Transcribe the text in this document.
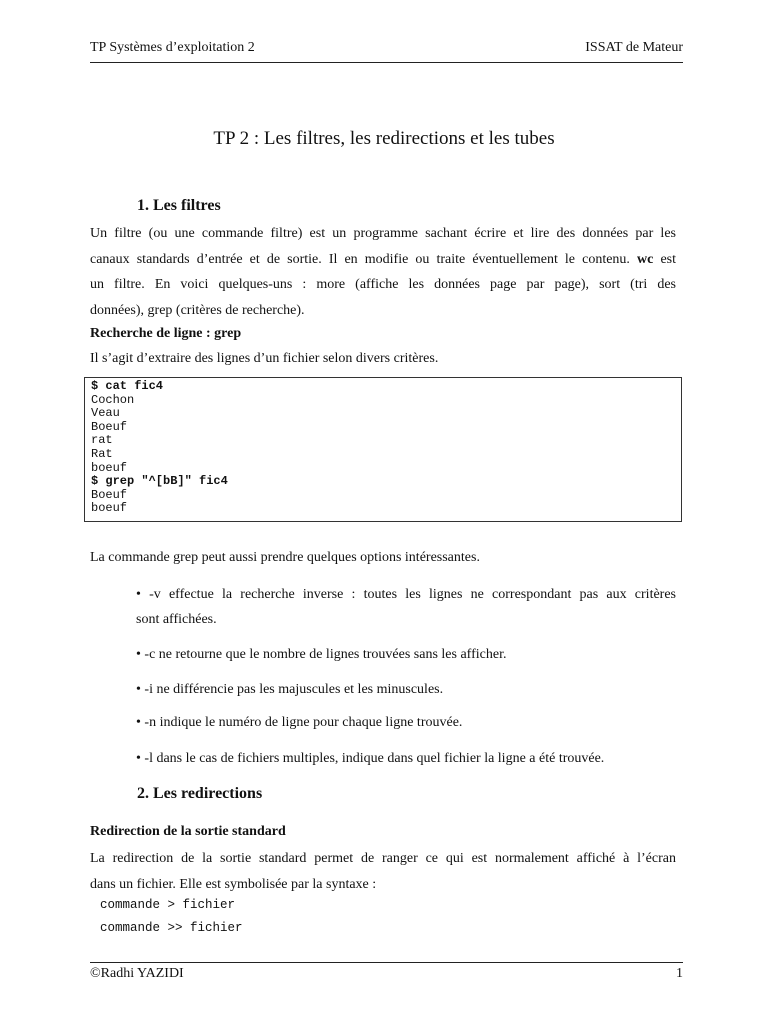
TP Systèmes d’exploitation 2	ISSAT de Mateur
TP 2 : Les filtres, les redirections et les tubes
1. Les filtres
Un filtre (ou une commande filtre) est un programme sachant écrire et lire des données par les
canaux standards d’entrée et de sortie. Il en modifie ou traite éventuellement le contenu. wc est
un filtre. En voici quelques-uns : more (affiche les données page par page), sort (tri des
données), grep (critères de recherche).
Recherche de ligne : grep
Il s’agit d’extraire des lignes d’un fichier selon divers critères.
$ cat fic4
Cochon
Veau
Boeuf
rat
Rat
boeuf
$ grep "^[bB]" fic4
Boeuf
boeuf
La commande grep peut aussi prendre quelques options intéressantes.
• -v effectue la recherche inverse : toutes les lignes ne correspondant pas aux critères
sont affichées.
• -c ne retourne que le nombre de lignes trouvées sans les afficher.
• -i ne différencie pas les majuscules et les minuscules.
• -n indique le numéro de ligne pour chaque ligne trouvée.
• -l dans le cas de fichiers multiples, indique dans quel fichier la ligne a été trouvée.
2. Les redirections
Redirection de la sortie standard
La redirection de la sortie standard permet de ranger ce qui est normalement affiché à l’écran
dans un fichier. Elle est symbolisée par la syntaxe :
commande > fichier
commande >> fichier
©Radhi YAZIDI	1
